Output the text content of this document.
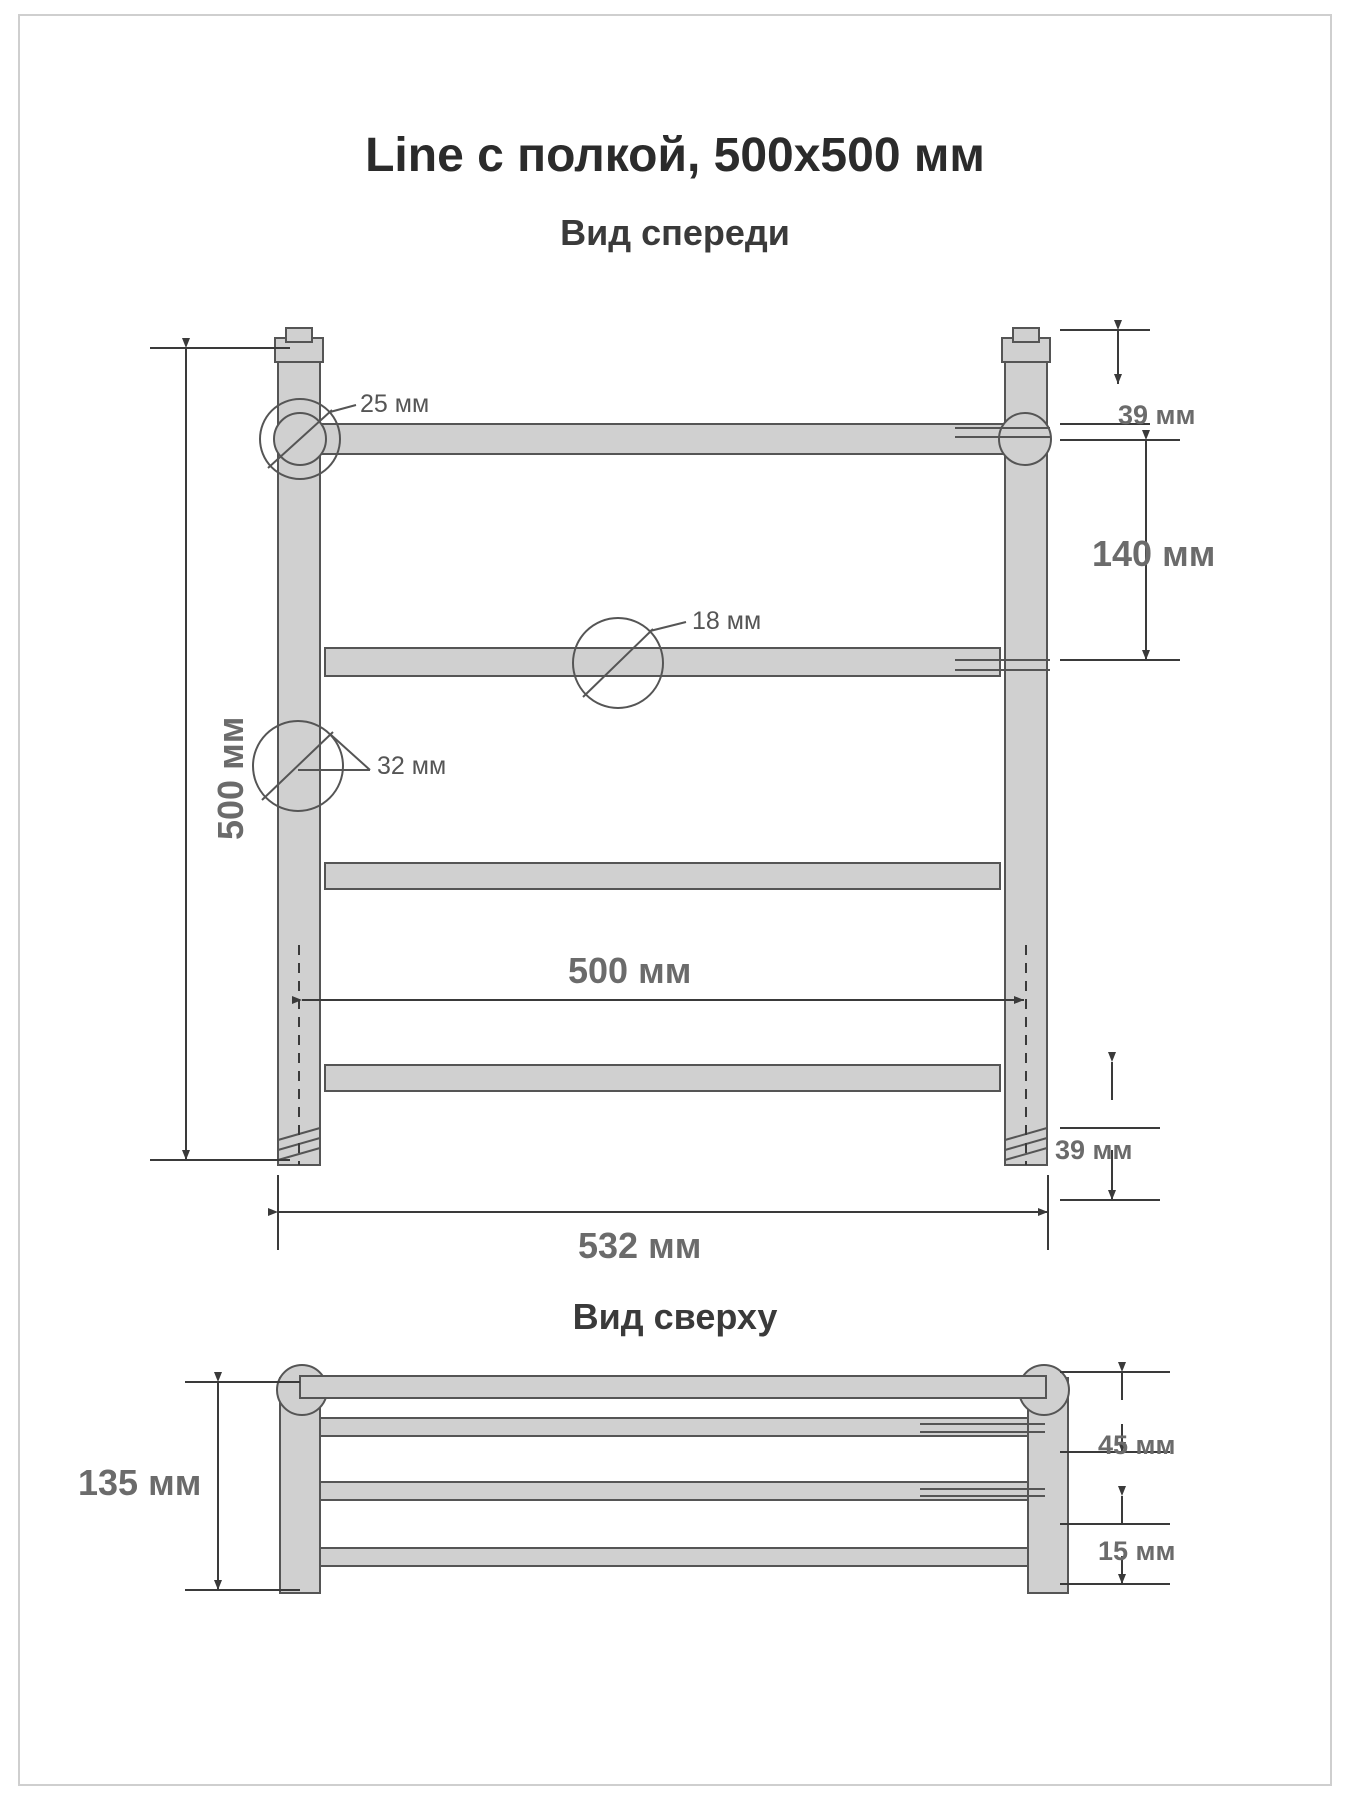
Line с полкой, 500x500 мм
Вид спереди
Вид сверху
500 мм
532 мм
500 мм
140 мм
39 мм
39 мм
25 мм
18 мм
32 мм
135 мм
45 мм
15 мм
